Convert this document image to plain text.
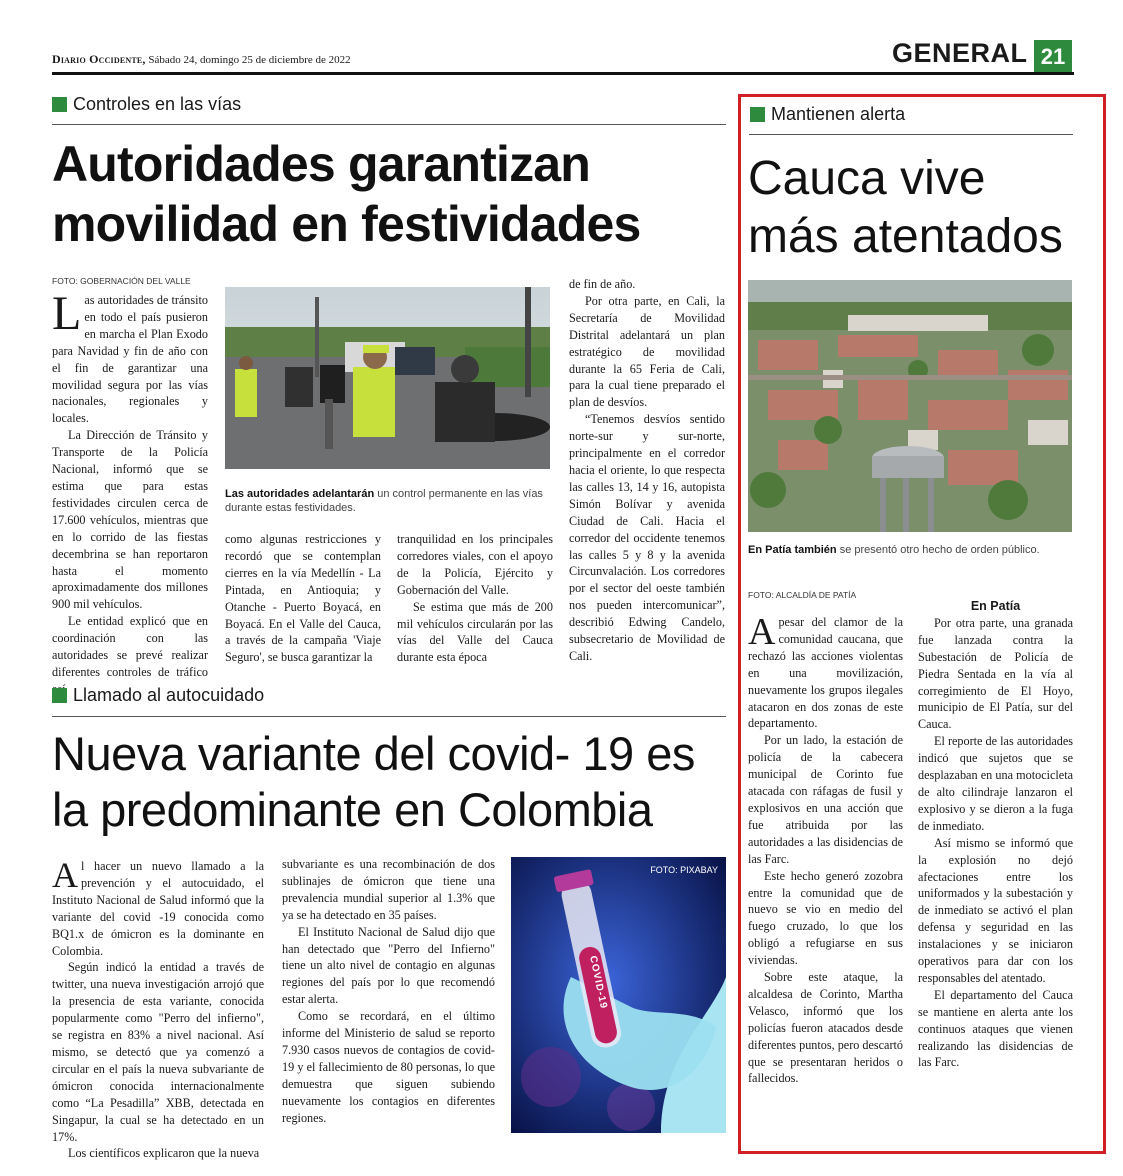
Diario Occidente, Sábado 24, domingo 25 de diciembre de 2022	GENERAL 21
Controles en las vías
Autoridades garantizan
movilidad en festividades
FOTO: GOBERNACIÓN DEL VALLE
L as autoridades de tránsito en todo el país pusieron en marcha el Plan Exodo para Navidad y fin de año con el fin de garantizar una movilidad segura por las vías nacionales, regionales y locales.

La Dirección de Tránsito y Transporte de la Policía Nacional, informó que se estima que para estas festividades circulen cerca de 17.600 vehículos, mientras que en lo corrido de las fiestas decembrina se han reportaron hasta el momento aproximadamente dos millones 900 mil vehículos.

Le entidad explicó que en coordinación con las autoridades se prevé realizar diferentes controles de tráfico

Las autoridades adelantarán un control permanente en las vías durante estas festividades.

como algunas restricciones y recordó que se contemplan cierres en la vía Medellín - La Pintada, en Antioquia; y Otanche - Puerto Boyacá, en Boyacá. En el Valle del Cauca, a través de la campaña 'Viaje Seguro', se busca garantizar la

tranquilidad en los principales corredores viales, con el apoyo de la Policía, Ejército y Gobernación del Valle.

Se estima que más de 200 mil vehículos circularán por las vías del Valle del Cauca durante esta época

de fin de año.

Por otra parte, en Cali, la Secretaría de Movilidad Distrital adelantará un plan estratégico de movilidad durante la 65 Feria de Cali, para la cual tiene preparado el plan de desvíos.

“Tenemos desvíos sentido norte-sur y sur-norte, principalmente en el corredor hacia el oriente, lo que respecta las calles 13, 14 y 16, autopista Simón Bolívar y avenida Ciudad de Cali. Hacia el corredor del occidente tenemos las calles 5 y 8 y la avenida Circunvalación. Los corredores por el sector del oeste también nos pueden intercomunicar”, describió Edwing Candelo, subsecretario de Movilidad de Cali.

Llamado al autocuidado
Nueva variante del covid- 19 es
la predominante en Colombia
A l hacer un nuevo llamado a la prevención y el autocuidado, el Instituto Nacional de Salud informó que la variante del covid -19 conocida como BQ1.x de ómicron es la dominante en Colombia.

Según indicó la entidad a través de twitter, una nueva investigación arrojó que la presencia de esta variante, conocida popularmente como "Perro del infierno", se registra en 83% a nivel nacional. Así mismo, se detectó que ya comenzó a circular en el país la nueva subvariante de ómicron conocida internacionalmente como “La Pesadilla” XBB, detectada en Singapur, la cual se ha detectado en un 17%.

Los científicos explicaron que la nueva

subvariante es una recombinación de dos sublinajes de ómicron que tiene una prevalencia mundial superior al 1.3% que ya se ha detectado en 35 países.

El Instituto Nacional de Salud dijo que han detectado que "Perro del Infierno" tiene un alto nivel de contagio en algunas regiones del país por lo que recomendó estar alerta.

Como se recordará, en el último informe del Ministerio de salud se reporto 7.930 casos nuevos de contagios de covid-19 y el fallecimiento de 80 personas, lo que demuestra que siguen subiendo nuevamente los contagios en diferentes regiones.

COVID-19
FOTO: PIXABAY
Mantienen alerta
Cauca vive
más atentados
En Patía también se presentó otro hecho de orden público.
FOTO: ALCALDÍA DE PATÍA
A pesar del clamor de la comunidad caucana, que rechazó las acciones violentas en una movilización, nuevamente los grupos ilegales atacaron en dos zonas de este departamento.

Por un lado, la estación de policía de la cabecera municipal de Corinto fue atacada con ráfagas de fusil y explosivos en una acción que fue atribuida por las autoridades a las disidencias de las Farc.

Este hecho generó zozobra entre la comunidad que de nuevo se vio en medio del fuego cruzado, lo que los obligó a refugiarse en sus viviendas.

Sobre este ataque, la alcaldesa de Corinto, Martha Velasco, informó que los policías fueron atacados desde diferentes puntos, pero descartó que se presentaran heridos o fallecidos.

En Patía

Por otra parte, una granada fue lanzada contra la Subestación de Policía de Piedra Sentada en la vía al corregimiento de El Hoyo, municipio de El Patía, sur del Cauca.

El reporte de las autoridades indicó que sujetos que se desplazaban en una motocicleta de alto cilindraje lanzaron el explosivo y se dieron a la fuga de inmediato.

Así mismo se informó que la explosión no dejó afectaciones entre los uniformados y la subestación y de inmediato se activó el plan defensa y seguridad en las instalaciones y se iniciaron operativos para dar con los responsables del atentado.

El departamento del Cauca se mantiene en alerta ante los continuos ataques que vienen realizando las disidencias de las Farc.
